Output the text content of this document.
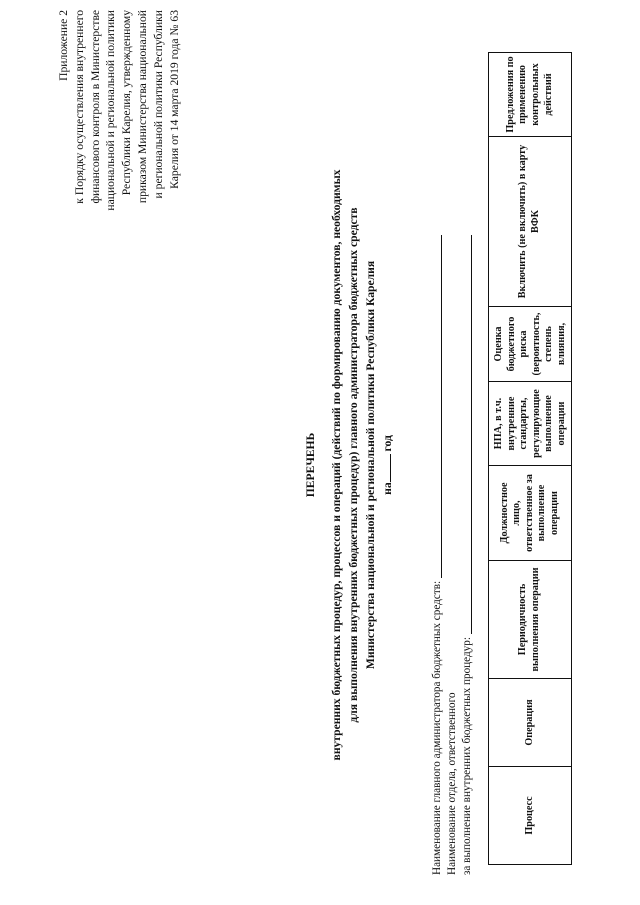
Приложение 2 к Порядку осуществления внутреннего финансового контроля в Министерстве национальной и региональной политики Республики Карелия, утвержденному приказом Министерства национальной и региональной политики Республики Карелия от 14 марта 2019 года № 63
ПЕРЕЧЕНЬ внутренних бюджетных процедур, процессов и операций (действий по формированию документов, необходимых для выполнения внутренних бюджетных процедур) главного администратора бюджетных средств Министерства национальной и региональной политики Республики Карелия на год
Наименование главного администратора бюджетных средств: Наименование отдела, ответственного за выполнение внутренних бюджетных процедур:	Процесс	Операция	Периодичность выполнения операции	Должностное лицо, ответственное за выполнение операции	НПА, в т.ч. внутренние стандарты, регулирующие выполнение операции	Оценка бюджетного риска (вероятность, степень влияния,	Включить (не включить) в карту ВФК	Предложения по применению контрольных действий
